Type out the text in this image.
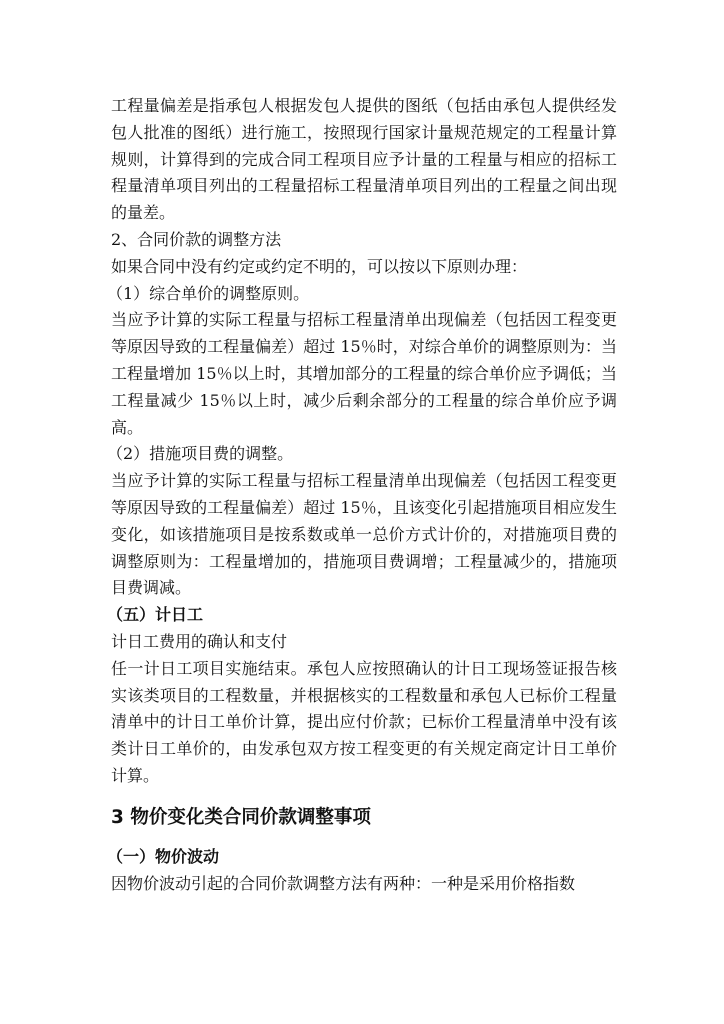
工程量偏差是指承包人根据发包人提供的图纸（包括由承包人提供经发包人批准的图纸）进行施工，按照现行国家计量规范规定的工程量计算规则，计算得到的完成合同工程项目应予计量的工程量与相应的招标工程量清单项目列出的工程量招标工程量清单项目列出的工程量之间出现的量差。

2、合同价款的调整方法

如果合同中没有约定或约定不明的，可以按以下原则办理：

（1）综合单价的调整原则。

当应予计算的实际工程量与招标工程量清单出现偏差（包括因工程变更等原因导致的工程量偏差）超过 15％时，对综合单价的调整原则为：当工程量增加 15％以上时，其增加部分的工程量的综合单价应予调低；当工程量减少 15％以上时，减少后剩余部分的工程量的综合单价应予调高。

（2）措施项目费的调整。

当应予计算的实际工程量与招标工程量清单出现偏差（包括因工程变更等原因导致的工程量偏差）超过 15％，且该变化引起措施项目相应发生变化，如该措施项目是按系数或单一总价方式计价的，对措施项目费的调整原则为：工程量增加的，措施项目费调增；工程量减少的，措施项目费调减。

（五）计日工

计日工费用的确认和支付

任一计日工项目实施结束。承包人应按照确认的计日工现场签证报告核实该类项目的工程数量，并根据核实的工程数量和承包人已标价工程量清单中的计日工单价计算，提出应付价款；已标价工程量清单中没有该类计日工单价的，由发承包双方按工程变更的有关规定商定计日工单价计算。

3 物价变化类合同价款调整事项

（一）物价波动

因物价波动引起的合同价款调整方法有两种：一种是采用价格指数
